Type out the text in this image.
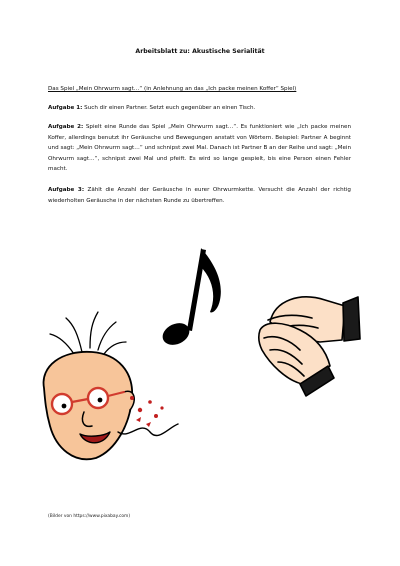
Arbeitsblatt zu: Akustische Serialität
Das Spiel „Mein Ohrwurm sagt…“ (in Anlehnung an das „Ich packe meinen Koffer“ Spiel)
Aufgabe 1: Such dir einen Partner. Setzt euch gegenüber an einen Tisch.
Aufgabe 2: Spielt eine Runde das Spiel „Mein Ohrwurm sagt…“. Es funktioniert wie „Ich packe meinen Koffer, allerdings benutzt ihr Geräusche und Bewegungen anstatt von Wörtern. Beispiel: Partner A beginnt und sagt: „Mein Ohrwurm sagt…“ und schnipst zwei Mal. Danach ist Partner B an der Reihe und sagt: „Mein Ohrwurm sagt…“, schnipst zwei Mal und pfeift. Es wird so lange gespielt, bis eine Person einen Fehler macht.
Aufgabe 3: Zählt die Anzahl der Geräusche in eurer Ohrwurmkette. Versucht die Anzahl der richtig wiederholten Geräusche in der nächsten Runde zu übertreffen.
(Bilder von https://www.pixabay.com)
